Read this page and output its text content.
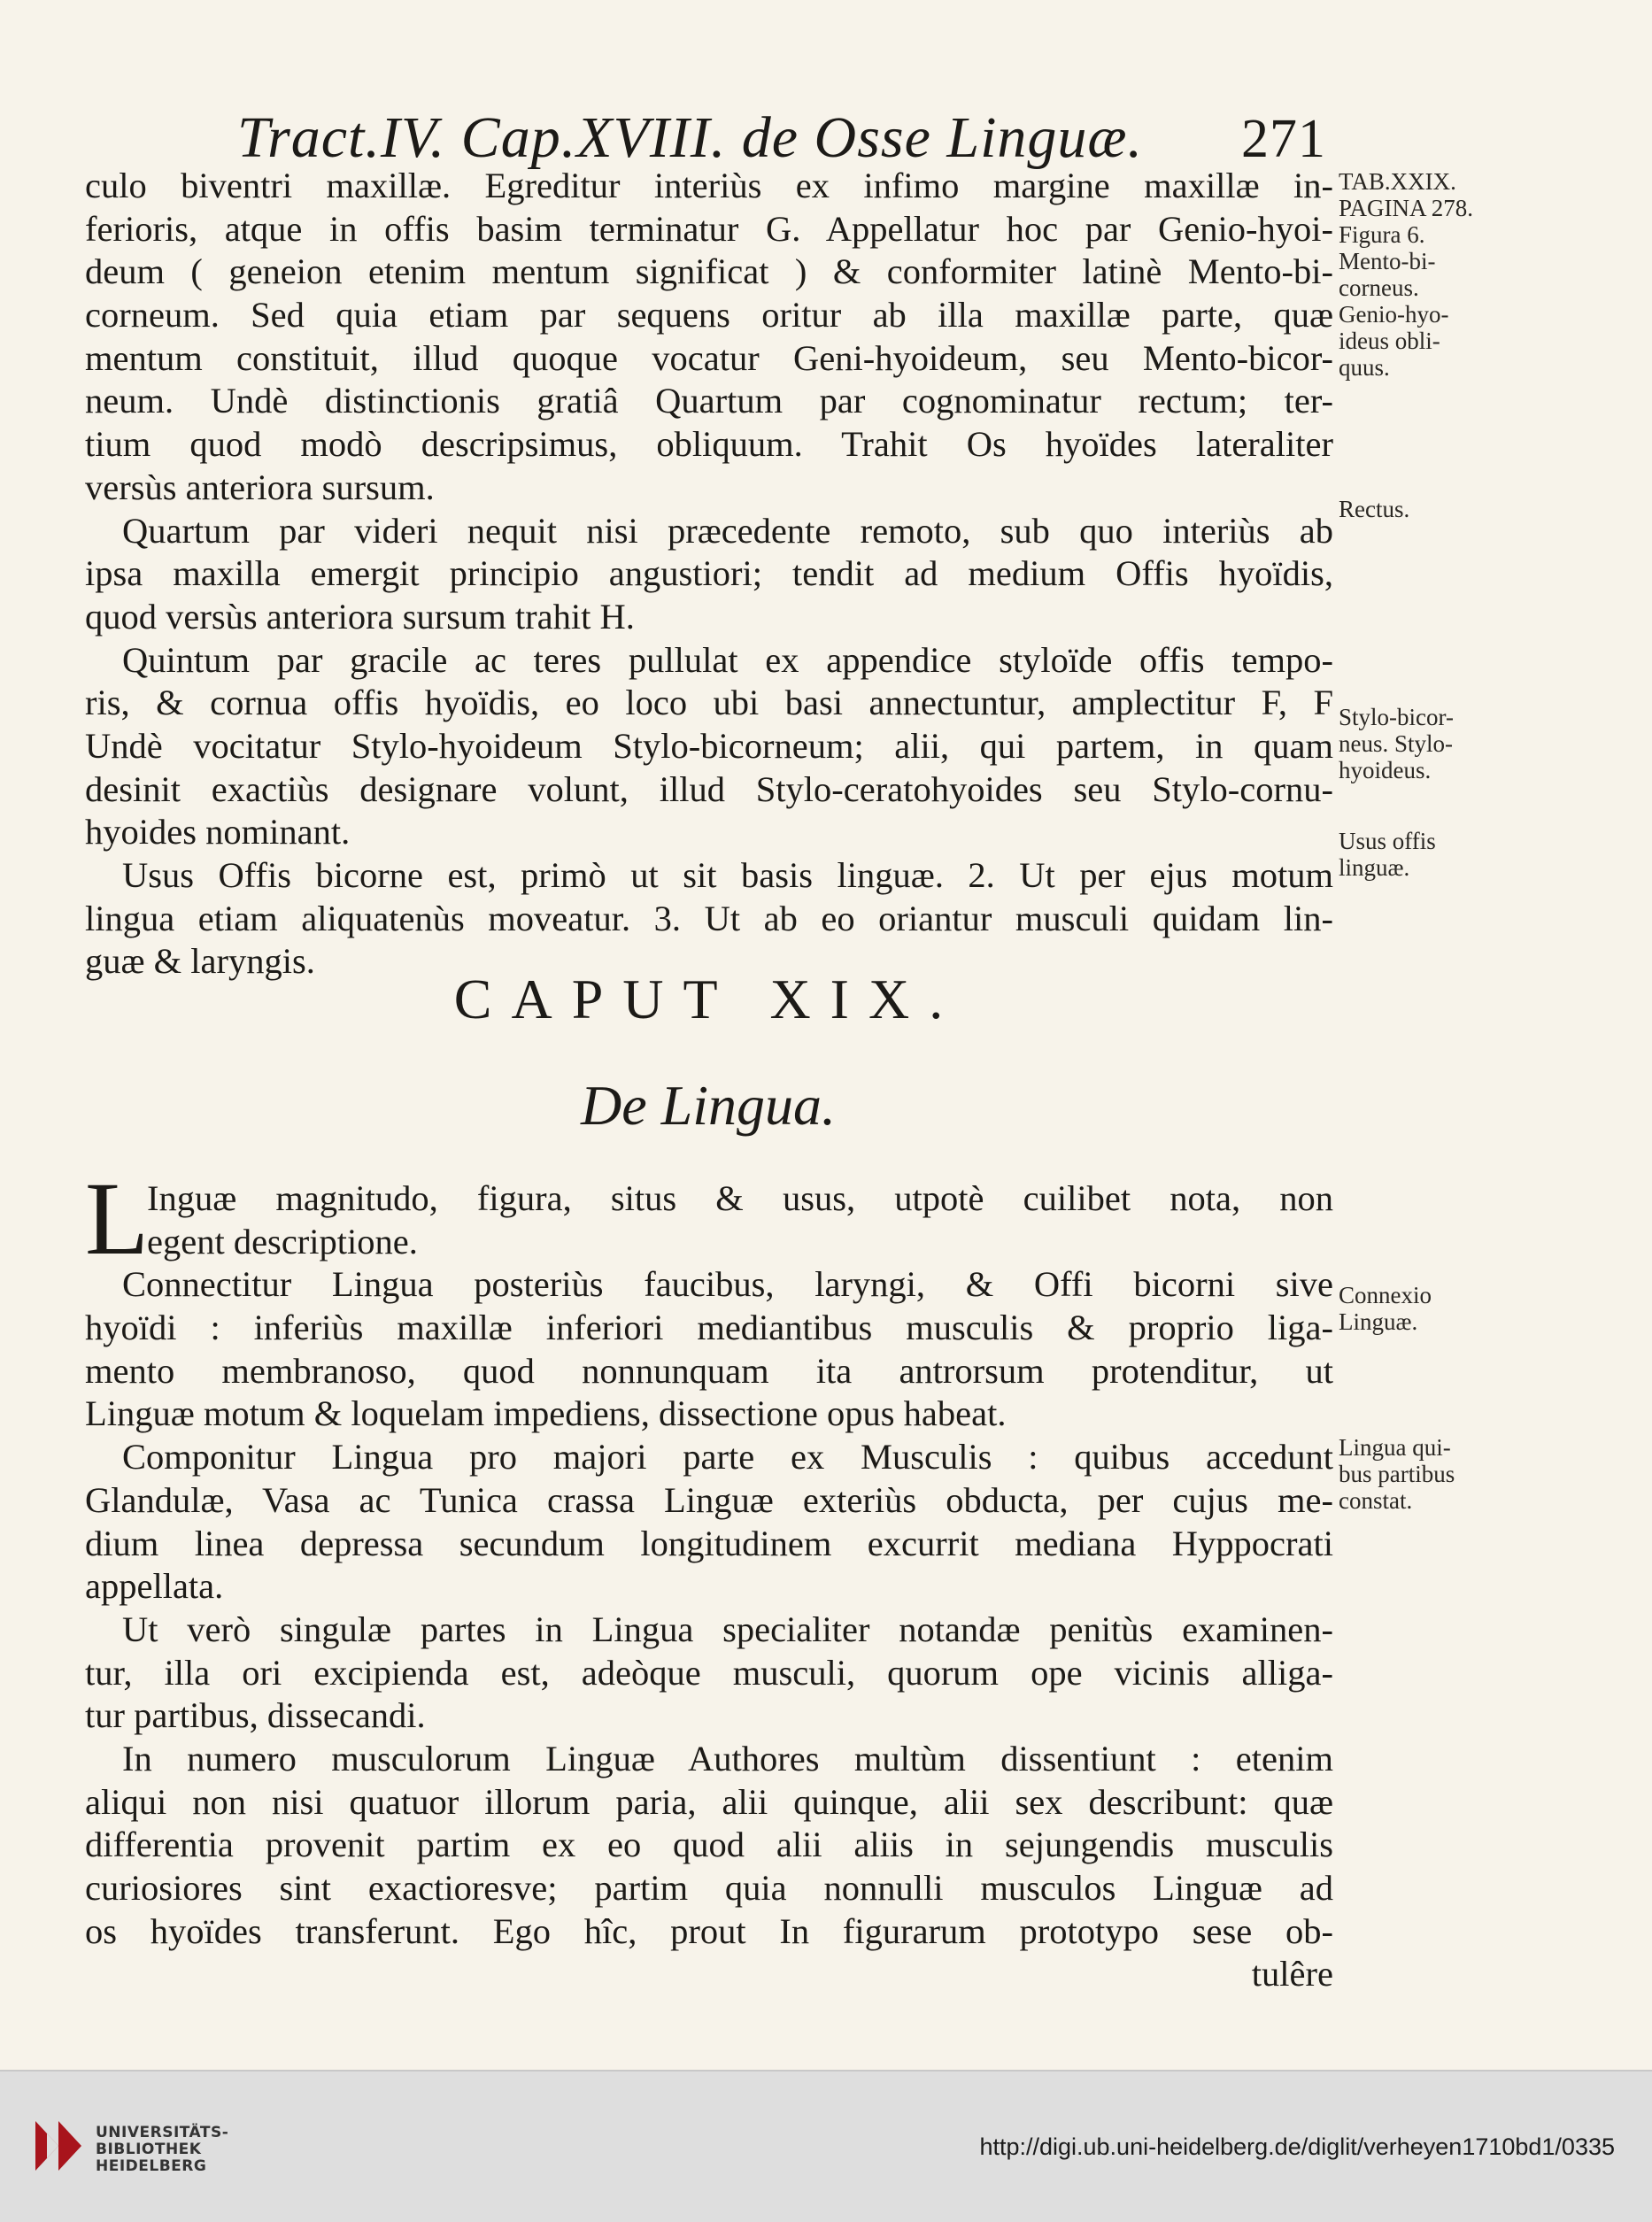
Tract.IV. Cap.XVIII. de Osse Linguæ. 271
culo biventri maxillæ. Egreditur interiùs ex infimo margine maxillæ in-
ferioris, atque in offis basim terminatur G. Appellatur hoc par Genio-hyoi-
deum ( geneion etenim mentum significat ) & conformiter latinè Mento-bi-
corneum. Sed quia etiam par sequens oritur ab illa maxillæ parte, quæ
mentum constituit, illud quoque vocatur Geni-hyoideum, seu Mento-bicor-
neum. Undè distinctionis gratiâ Quartum par cognominatur rectum; ter-
tium quod modò descripsimus, obliquum. Trahit Os hyoïdes lateraliter
versùs anteriora sursum.
Quartum par videri nequit nisi præcedente remoto, sub quo interiùs ab
ipsa maxilla emergit principio angustiori; tendit ad medium Offis hyoïdis,
quod versùs anteriora sursum trahit H.
Quintum par gracile ac teres pullulat ex appendice styloïde offis tempo-
ris, & cornua offis hyoïdis, eo loco ubi basi annectuntur, amplectitur F, F
Undè vocitatur Stylo-hyoideum Stylo-bicorneum; alii, qui partem, in quam
desinit exactiùs designare volunt, illud Stylo-ceratohyoides seu Stylo-cornu-
hyoides nominant.
Usus Offis bicorne est, primò ut sit basis linguæ. 2. Ut per ejus motum
lingua etiam aliquatenùs moveatur. 3. Ut ab eo oriantur musculi quidam lin-
guæ & laryngis.
CAPUT XIX.
De Lingua.
L
Inguæ magnitudo, figura, situs & usus, utpotè cuilibet nota, non
egent descriptione.
Connectitur Lingua posteriùs faucibus, laryngi, & Offi bicorni sive
hyoïdi : inferiùs maxillæ inferiori mediantibus musculis & proprio liga-
mento membranoso, quod nonnunquam ita antrorsum protenditur, ut
Linguæ motum & loquelam impediens, dissectione opus habeat.
Componitur Lingua pro majori parte ex Musculis : quibus accedunt
Glandulæ, Vasa ac Tunica crassa Linguæ exteriùs obducta, per cujus me-
dium linea depressa secundum longitudinem excurrit mediana Hyppocrati
appellata.
Ut verò singulæ partes in Lingua specialiter notandæ penitùs examinen-
tur, illa ori excipienda est, adeòque musculi, quorum ope vicinis alliga-
tur partibus, dissecandi.
In numero musculorum Linguæ Authores multùm dissentiunt : etenim
aliqui non nisi quatuor illorum paria, alii quinque, alii sex describunt: quæ
differentia provenit partim ex eo quod alii aliis in sejungendis musculis
curiosiores sint exactioresve; partim quia nonnulli musculos Linguæ ad
os hyoïdes transferunt. Ego hîc, prout In figurarum prototypo sese ob-
tulêre
TAB.XXIX.
PAGINA 278.
Figura 6.
Mento-bi-
corneus.
Genio-hyo-
ideus obli-
quus.
Rectus.
Stylo-bicor-
neus. Stylo-
hyoideus.
Usus offis
linguæ.
Connexio
Linguæ.
Lingua qui-
bus partibus
constat.
UNIVERSITÄTS-
BIBLIOTHEK
HEIDELBERG
http://digi.ub.uni-heidelberg.de/diglit/verheyen1710bd1/0335
